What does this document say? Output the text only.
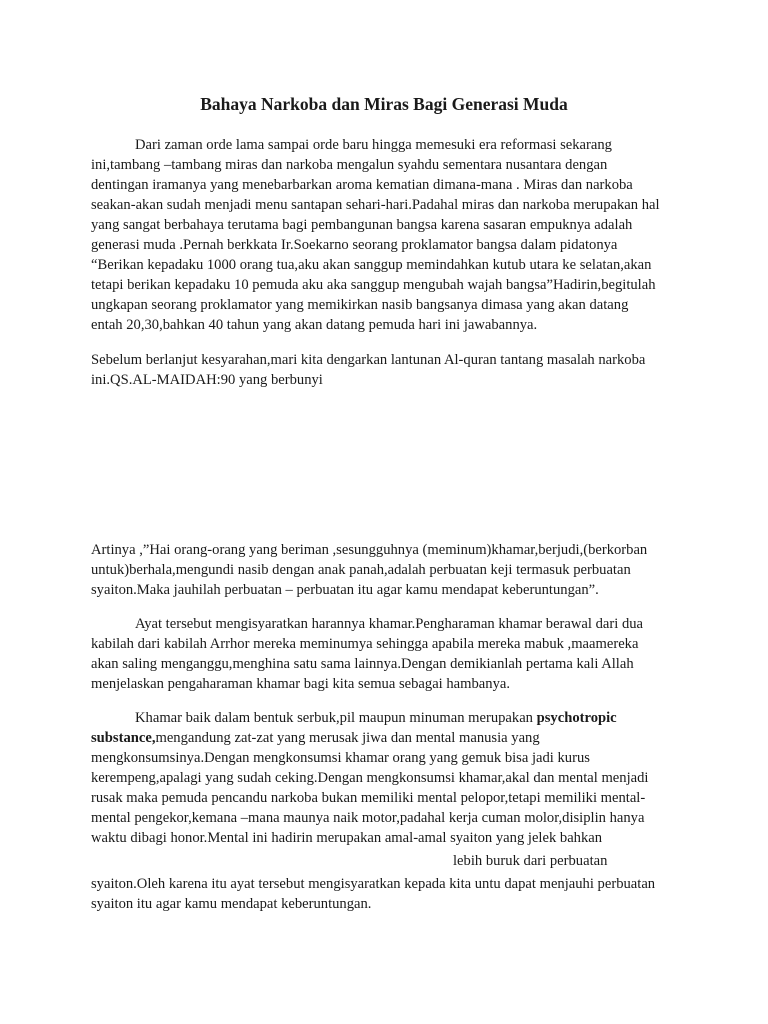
Bahaya Narkoba dan Miras Bagi Generasi Muda

Dari zaman orde lama sampai orde baru hingga memesuki era reformasi sekarang

ini,tambang –tambang miras dan narkoba mengalun syahdu sementara nusantara dengan

dentingan iramanya yang menebarbarkan aroma kematian dimana-mana . Miras dan narkoba

seakan-akan sudah menjadi menu santapan sehari-hari.Padahal miras dan narkoba merupakan hal

yang sangat berbahaya terutama bagi pembangunan bangsa karena sasaran empuknya adalah

generasi muda .Pernah berkkata Ir.Soekarno seorang proklamator bangsa dalam pidatonya

“Berikan kepadaku 1000 orang tua,aku akan sanggup memindahkan kutub utara ke selatan,akan

tetapi berikan kepadaku 10 pemuda aku aka sanggup mengubah wajah bangsa”Hadirin,begitulah

ungkapan seorang proklamator yang memikirkan nasib bangsanya dimasa yang akan datang

entah 20,30,bahkan 40 tahun yang akan datang pemuda hari ini jawabannya.

Sebelum berlanjut kesyarahan,mari kita dengarkan lantunan Al-quran tantang masalah narkoba

ini.QS.AL-MAIDAH:90 yang berbunyi

Artinya ,”Hai orang-orang yang beriman ,sesungguhnya (meminum)khamar,berjudi,(berkorban

untuk)berhala,mengundi nasib dengan anak panah,adalah perbuatan keji termasuk perbuatan

syaiton.Maka jauhilah perbuatan – perbuatan itu agar kamu mendapat keberuntungan”.

Ayat tersebut mengisyaratkan harannya khamar.Pengharaman khamar berawal dari dua

kabilah dari kabilah Arrhor mereka meminumya sehingga apabila mereka mabuk ,maamereka

akan saling menganggu,menghina satu sama lainnya.Dengan demikianlah pertama kali Allah

menjelaskan pengaharaman khamar bagi kita semua sebagai hambanya.

Khamar baik dalam bentuk serbuk,pil maupun minuman merupakan psychotropic

substance,mengandung zat-zat yang merusak jiwa dan mental manusia yang

mengkonsumsinya.Dengan mengkonsumsi khamar orang yang gemuk bisa jadi kurus

kerempeng,apalagi yang sudah ceking.Dengan mengkonsumsi khamar,akal dan mental menjadi

rusak maka pemuda pencandu narkoba bukan memiliki mental pelopor,tetapi memiliki mental-

mental pengekor,kemana –mana maunya naik motor,padahal kerja cuman molor,disiplin hanya

waktu dibagi honor.Mental ini hadirin merupakan amal-amal syaiton yang jelek bahkan

lebih buruk dari perbuatan

syaiton.Oleh karena itu ayat tersebut mengisyaratkan kepada kita untu dapat menjauhi perbuatan

syaiton itu agar kamu mendapat keberuntungan.
